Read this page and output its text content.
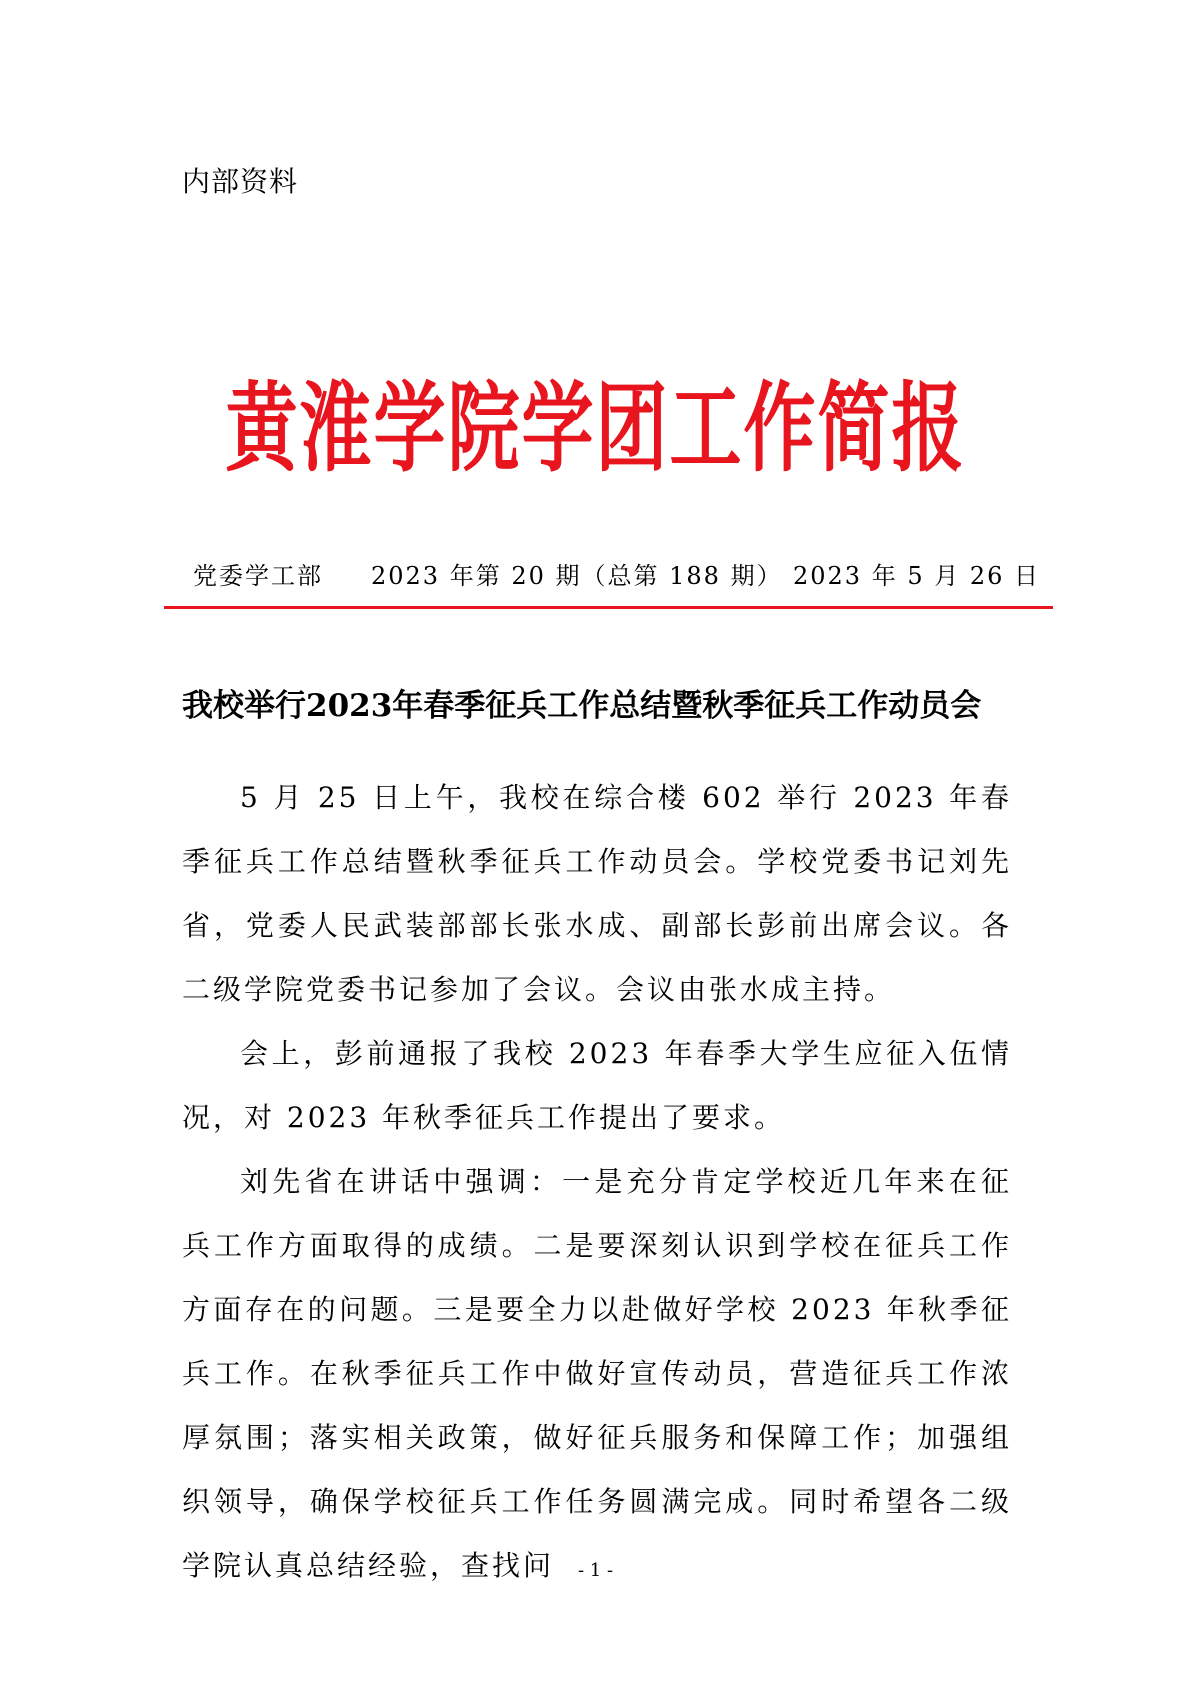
内部资料
黄淮学院学团工作简报
党委学工部 2023 年第 20 期（总第 188 期） 2023 年 5 月 26 日
我校举行2023年春季征兵工作总结暨秋季征兵工作动员会

5 月 25 日上午，我校在综合楼 602 举行 2023 年春季征兵工作总结暨秋季征兵工作动员会。学校党委书记刘先省，党委人民武装部部长张水成、副部长彭前出席会议。各二级学院党委书记参加了会议。会议由张水成主持。

会上，彭前通报了我校 2023 年春季大学生应征入伍情况，对 2023 年秋季征兵工作提出了要求。

刘先省在讲话中强调：一是充分肯定学校近几年来在征兵工作方面取得的成绩。二是要深刻认识到学校在征兵工作方面存在的问题。三是要全力以赴做好学校 2023 年秋季征兵工作。在秋季征兵工作中做好宣传动员，营造征兵工作浓厚氛围；落实相关政策，做好征兵服务和保障工作；加强组织领导，确保学校征兵工作任务圆满完成。同时希望各二级学院认真总结经验，查找问	- 1 -
